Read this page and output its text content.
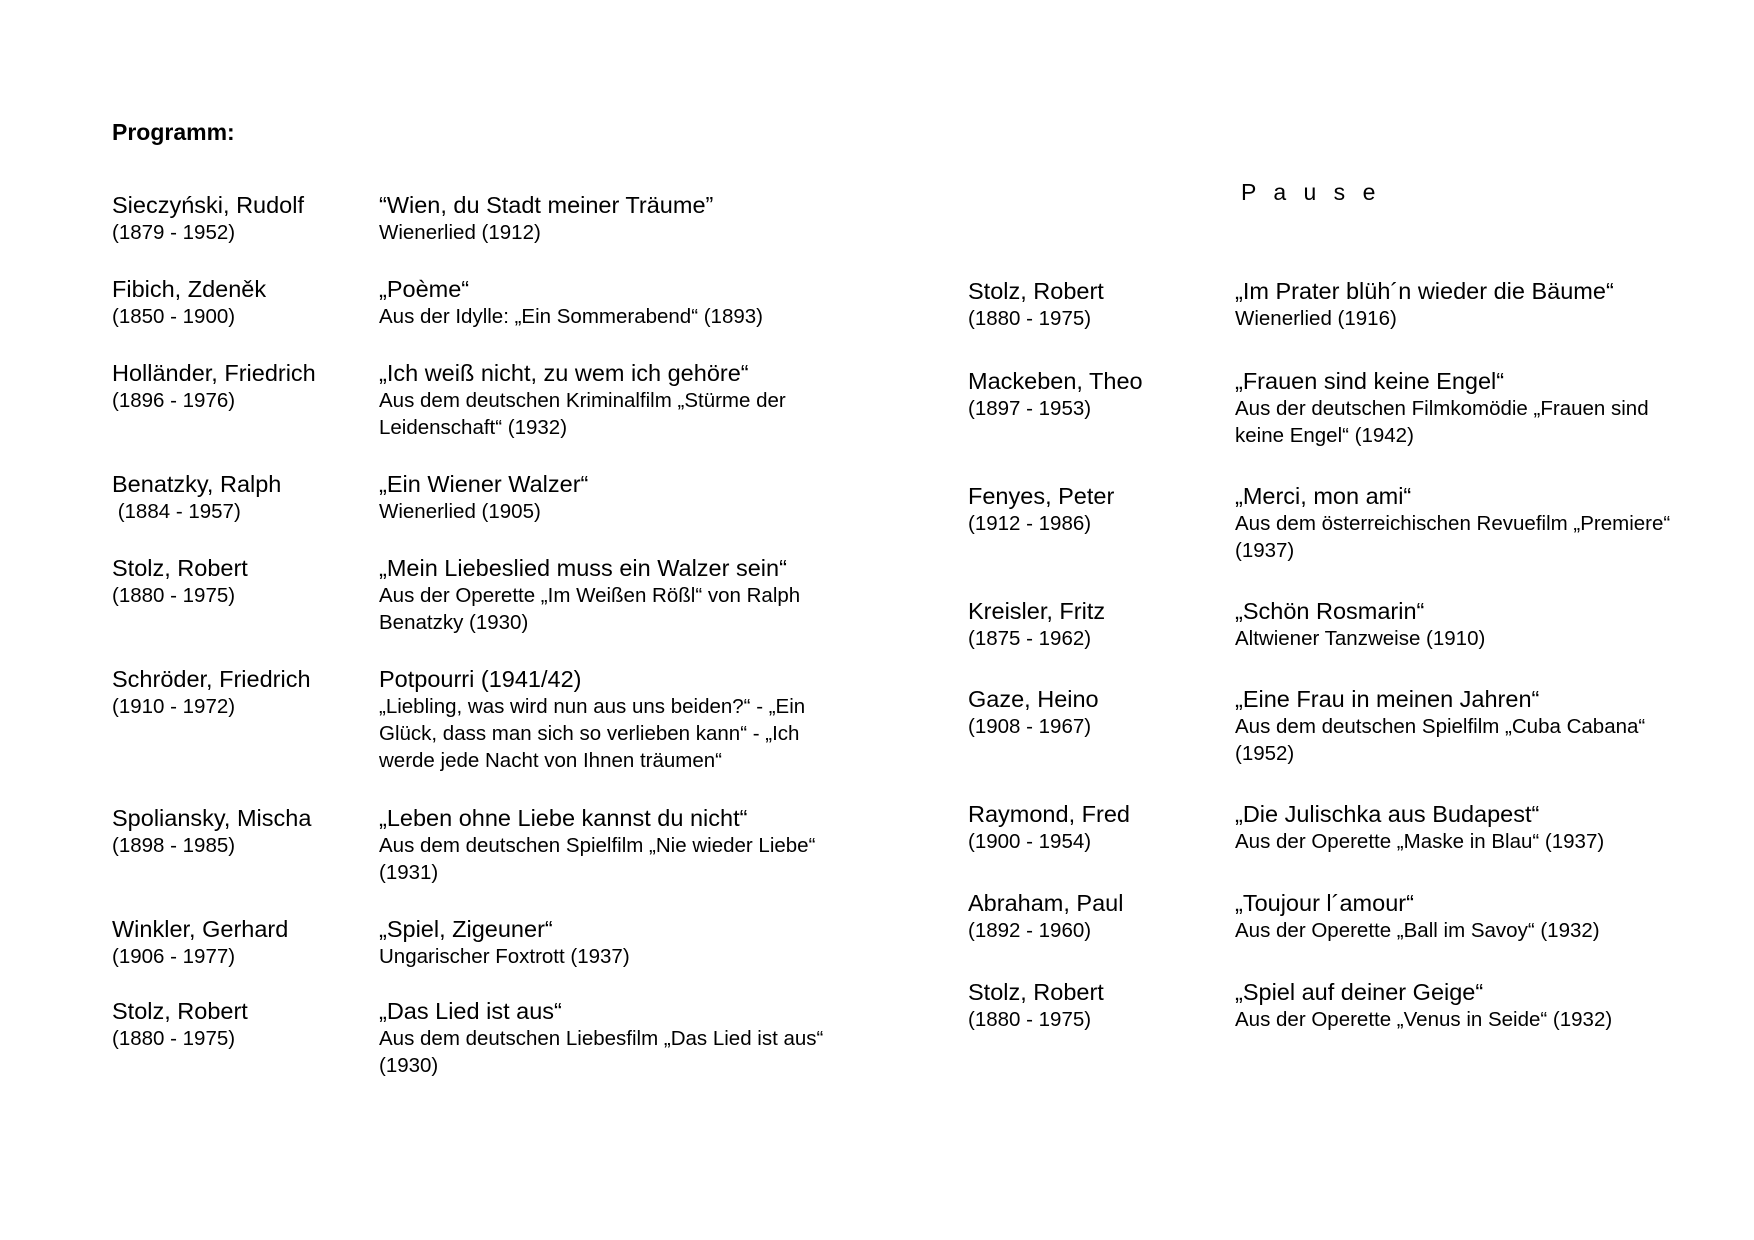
Programm:
P a u s e
Sieczyński, Rudolf
(1879 - 1952)
“Wien, du Stadt meiner Träume”
Wienerlied (1912)
Fibich, Zdeněk
(1850 - 1900)
„Poème“
Aus der Idylle: „Ein Sommerabend“ (1893)
Holländer, Friedrich
(1896 - 1976)
„Ich weiß nicht, zu wem ich gehöre“
Aus dem deutschen Kriminalfilm „Stürme der Leidenschaft“ (1932)
Benatzky, Ralph
(1884 - 1957)
„Ein Wiener Walzer“
Wienerlied (1905)
Stolz, Robert
(1880 - 1975)
„Mein Liebeslied muss ein Walzer sein“
Aus der Operette „Im Weißen Rößl“ von Ralph Benatzky (1930)
Schröder, Friedrich
(1910 - 1972)
Potpourri (1941/42)
„Liebling, was wird nun aus uns beiden?“ - „Ein Glück, dass man sich so verlieben kann“ - „Ich werde jede Nacht von Ihnen träumen“
Spoliansky, Mischa
(1898 - 1985)
„Leben ohne Liebe kannst du nicht“
Aus dem deutschen Spielfilm „Nie wieder Liebe“ (1931)
Winkler, Gerhard
(1906 - 1977)
„Spiel, Zigeuner“
Ungarischer Foxtrott (1937)
Stolz, Robert
(1880 - 1975)
„Das Lied ist aus“
Aus dem deutschen Liebesfilm „Das Lied ist aus“ (1930)
Stolz, Robert
(1880 - 1975)
„Im Prater blüh´n wieder die Bäume“
Wienerlied (1916)
Mackeben, Theo
(1897 - 1953)
„Frauen sind keine Engel“
Aus der deutschen Filmkomödie „Frauen sind keine Engel“ (1942)
Fenyes, Peter
(1912 - 1986)
„Merci, mon ami“
Aus dem österreichischen Revuefilm „Premiere“ (1937)
Kreisler, Fritz
(1875 - 1962)
„Schön Rosmarin“
Altwiener Tanzweise (1910)
Gaze, Heino
(1908 - 1967)
„Eine Frau in meinen Jahren“
Aus dem deutschen Spielfilm „Cuba Cabana“ (1952)
Raymond, Fred
(1900 - 1954)
„Die Julischka aus Budapest“
Aus der Operette „Maske in Blau“ (1937)
Abraham, Paul
(1892 - 1960)
„Toujour l´amour“
Aus der Operette „Ball im Savoy“ (1932)
Stolz, Robert
(1880 - 1975)
„Spiel auf deiner Geige“
Aus der Operette „Venus in Seide“ (1932)
